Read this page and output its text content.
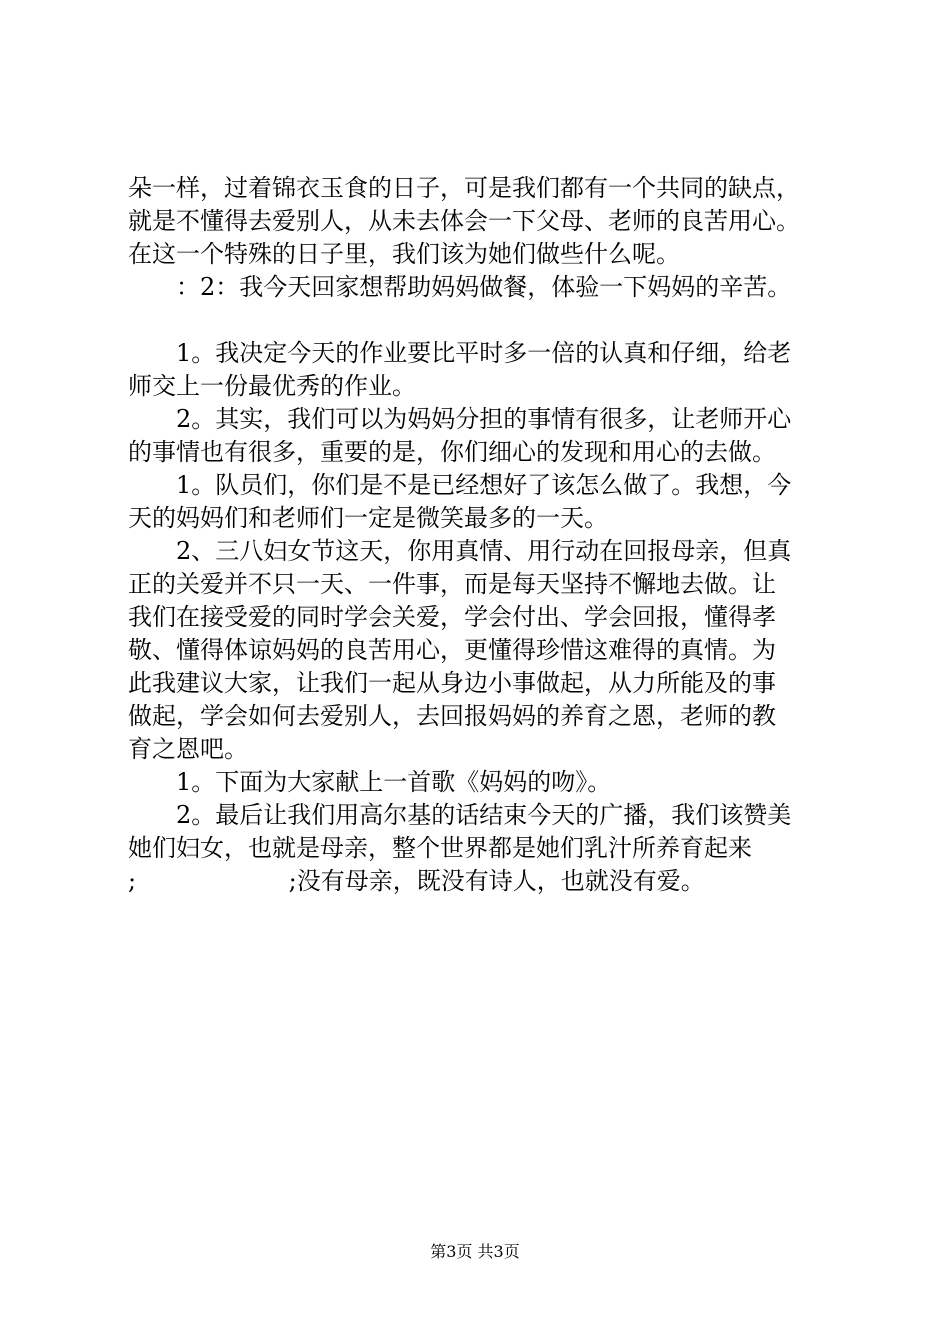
朵一样，过着锦衣玉食的日子，可是我们都有一个共同的缺点，
就是不懂得去爱别人，从未去体会一下父母、老师的良苦用心。
在这一个特殊的日子里，我们该为她们做些什么呢。
：2：我今天回家想帮助妈妈做餐，体验一下妈妈的辛苦。
1。我决定今天的作业要比平时多一倍的认真和仔细，给老
师交上一份最优秀的作业。
2。其实，我们可以为妈妈分担的事情有很多，让老师开心
的事情也有很多，重要的是，你们细心的发现和用心的去做。
1。队员们，你们是不是已经想好了该怎么做了。我想，今
天的妈妈们和老师们一定是微笑最多的一天。
2、三八妇女节这天，你用真情、用行动在回报母亲，但真
正的关爱并不只一天、一件事，而是每天坚持不懈地去做。让
我们在接受爱的同时学会关爱，学会付出、学会回报，懂得孝
敬、懂得体谅妈妈的良苦用心，更懂得珍惜这难得的真情。为
此我建议大家，让我们一起从身边小事做起，从力所能及的事
做起，学会如何去爱别人，去回报妈妈的养育之恩，老师的教
育之恩吧。
1。下面为大家献上一首歌《妈妈的吻》。
2。最后让我们用高尔基的话结束今天的广播，我们该赞美
她们妇女，也就是母亲，整个世界都是她们乳汁所养育起来
;                    ;没有母亲，既没有诗人，也就没有爱。
第3页 共3页
